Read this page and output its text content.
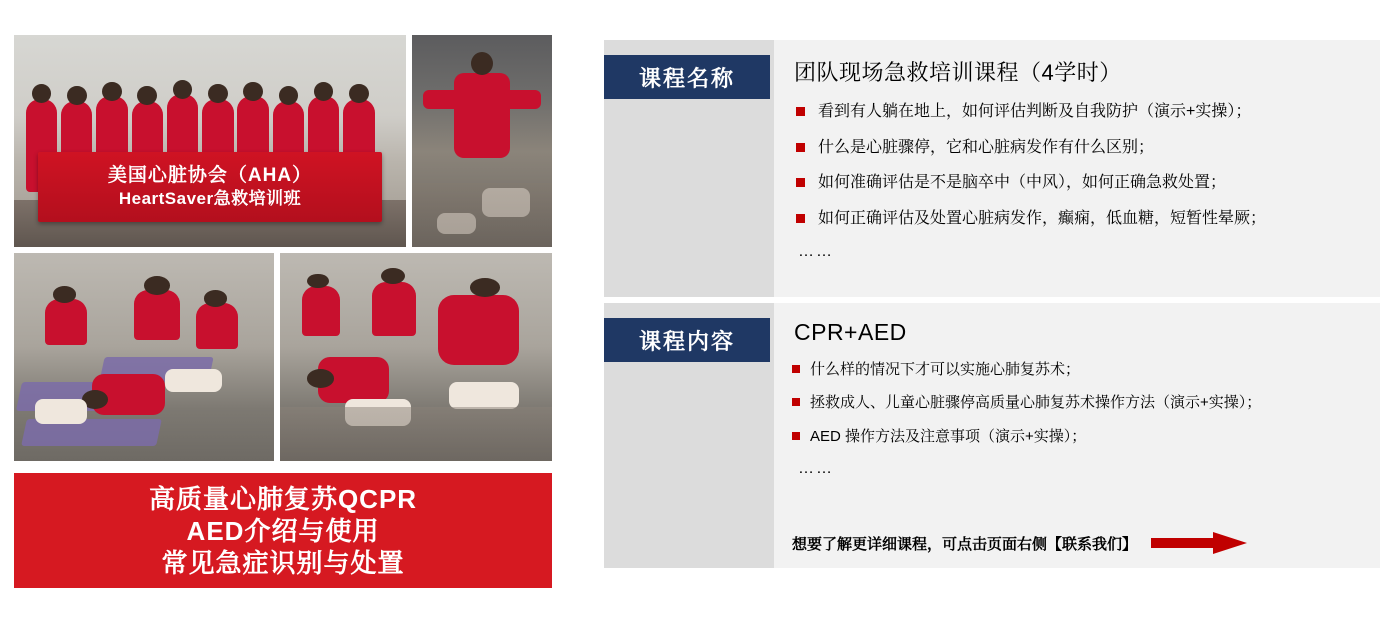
美国心脏协会（AHA）
HeartSaver急救培训班
高质量心肺复苏QCPR
AED介绍与使用
常见急症识别与处置
课程名称	团队现场急救培训课程（4学时）
看到有人躺在地上，如何评估判断及自我防护（演示+实操）；
什么是心脏骤停，它和心脏病发作有什么区别；
如何准确评估是不是脑卒中（中风），如何正确急救处置；
如何正确评估及处置心脏病发作，癫痫，低血糖，短暂性晕厥；
……
课程内容	CPR+AED
什么样的情况下才可以实施心肺复苏术；
拯救成人、儿童心脏骤停高质量心肺复苏术操作方法（演示+实操）；
AED 操作方法及注意事项（演示+实操）；
……
想要了解更详细课程，可点击页面右侧【联系我们】
